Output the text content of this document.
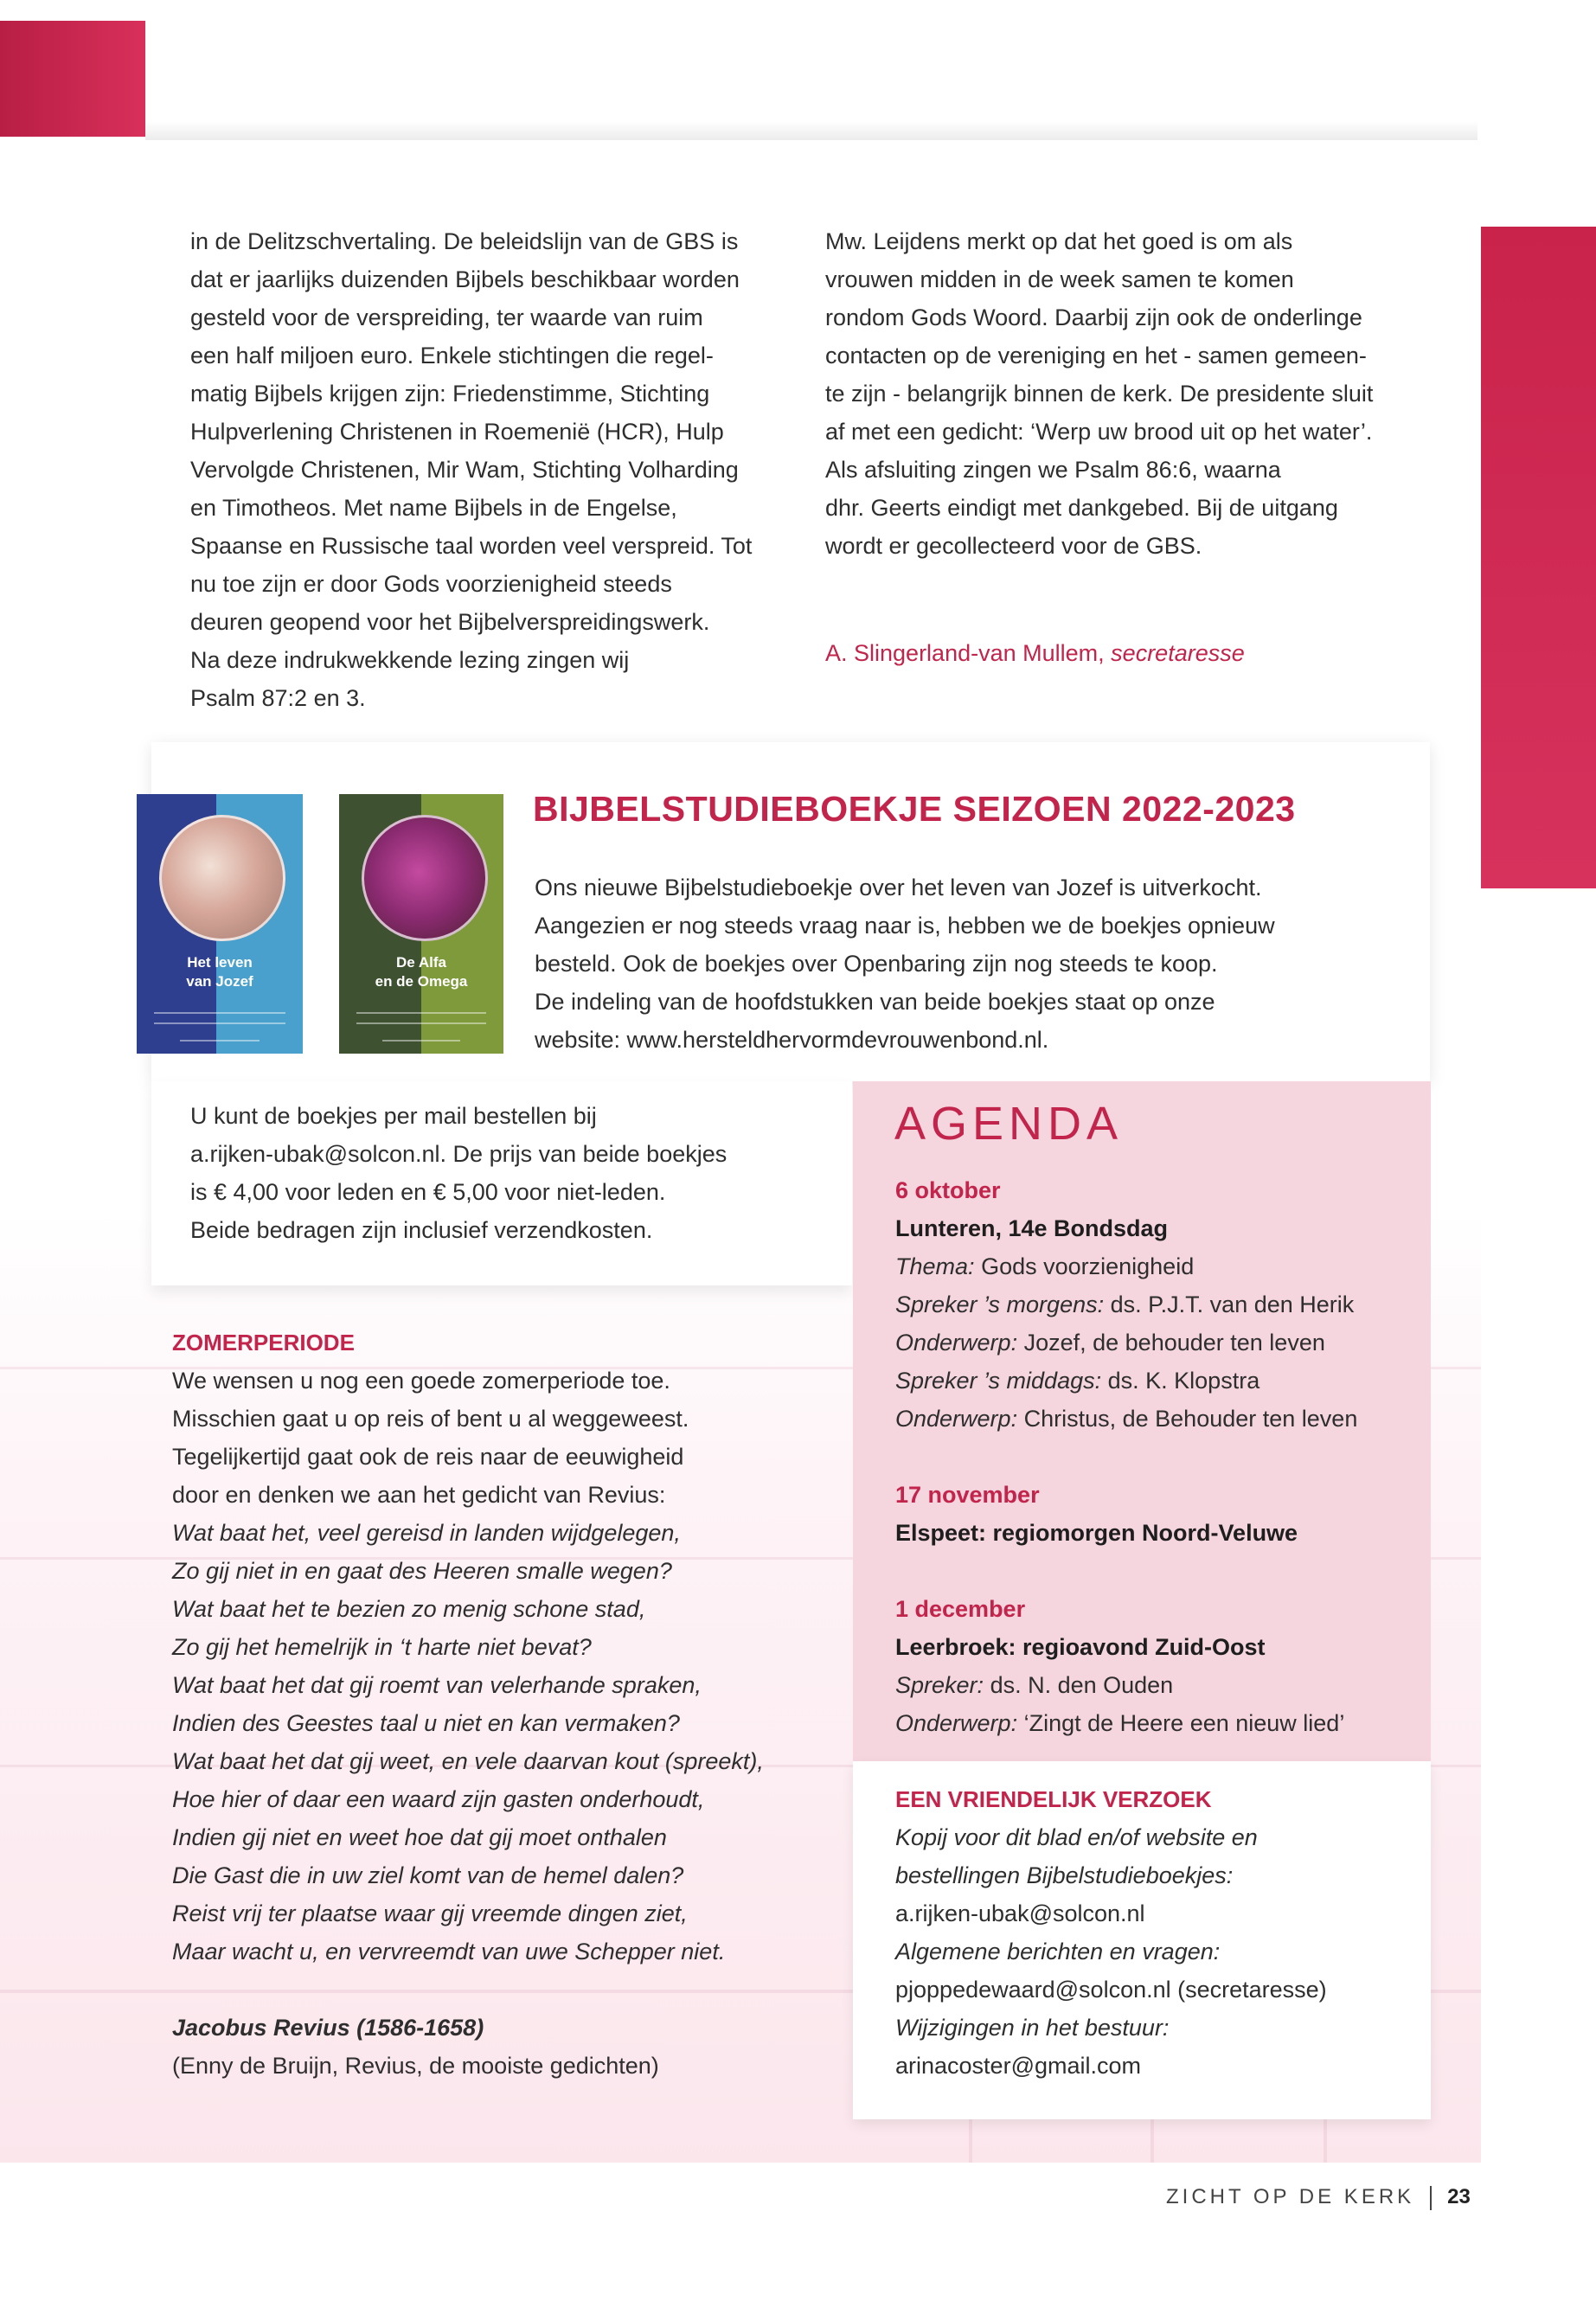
in de Delitzschvertaling. De beleidslijn van de GBS is

dat er jaarlijks duizenden Bijbels beschikbaar worden

gesteld voor de verspreiding, ter waarde van ruim

een half miljoen euro. Enkele stichtingen die regel-

matig Bijbels krijgen zijn: Friedenstimme, Stichting

Hulpverlening Christenen in Roemenië (HCR), Hulp

Vervolgde Christenen, Mir Wam, Stichting Volharding

en Timotheos. Met name Bijbels in de Engelse,

Spaanse en Russische taal worden veel verspreid. Tot

nu toe zijn er door Gods voorzienigheid steeds

deuren geopend voor het Bijbelverspreidingswerk.

Na deze indrukwekkende lezing zingen wij

Psalm 87:2 en 3.

Mw. Leijdens merkt op dat het goed is om als

vrouwen midden in de week samen te komen

rondom Gods Woord. Daarbij zijn ook de onderlinge

contacten op de vereniging en het - samen gemeen-

te zijn - belangrijk binnen de kerk. De presidente sluit

af met een gedicht: ‘Werp uw brood uit op het water’.

Als afsluiting zingen we Psalm 86:6, waarna

dhr. Geerts eindigt met dankgebed. Bij de uitgang

wordt er gecollecteerd voor de GBS.

A. Slingerland-van Mullem, secretaresse
Het leven
van Jozef
De Alfa
en de Omega
BIJBELSTUDIEBOEKJE SEIZOEN 2022-2023

Ons nieuwe Bijbelstudieboekje over het leven van Jozef is uitverkocht.

Aangezien er nog steeds vraag naar is, hebben we de boekjes opnieuw

besteld. Ook de boekjes over Openbaring zijn nog steeds te koop.

De indeling van de hoofdstukken van beide boekjes staat op onze

website: www.hersteldhervormdevrouwenbond.nl.

U kunt de boekjes per mail bestellen bij

a.rijken-ubak@solcon.nl. De prijs van beide boekjes

is € 4,00 voor leden en € 5,00 voor niet-leden.

Beide bedragen zijn inclusief verzendkosten.

AGENDA

6 oktober

Lunteren, 14e Bondsdag

Thema: Gods voorzienigheid

Spreker ’s morgens: ds. P.J.T. van den Herik

Onderwerp: Jozef, de behouder ten leven

Spreker ’s middags: ds. K. Klopstra

Onderwerp: Christus, de Behouder ten leven

17 november

Elspeet: regiomorgen Noord-Veluwe

1 december

Leerbroek: regioavond Zuid-Oost

Spreker: ds. N. den Ouden

Onderwerp: ‘Zingt de Heere een nieuw lied’

EEN VRIENDELIJK VERZOEK

Kopij voor dit blad en/of website en

bestellingen Bijbelstudieboekjes:

a.rijken-ubak@solcon.nl

Algemene berichten en vragen:

pjoppedewaard@solcon.nl (secretaresse)

Wijzigingen in het bestuur:

arinacoster@gmail.com

ZOMERPERIODE

We wensen u nog een goede zomerperiode toe.

Misschien gaat u op reis of bent u al weggeweest.

Tegelijkertijd gaat ook de reis naar de eeuwigheid

door en denken we aan het gedicht van Revius:

Wat baat het, veel gereisd in landen wijdgelegen,

Zo gij niet in en gaat des Heeren smalle wegen?

Wat baat het te bezien zo menig schone stad,

Zo gij het hemelrijk in ‘t harte niet bevat?

Wat baat het dat gij roemt van velerhande spraken,

Indien des Geestes taal u niet en kan vermaken?

Wat baat het dat gij weet, en vele daarvan kout (spreekt),

Hoe hier of daar een waard zijn gasten onderhoudt,

Indien gij niet en weet hoe dat gij moet onthalen

Die Gast die in uw ziel komt van de hemel dalen?

Reist vrij ter plaatse waar gij vreemde dingen ziet,

Maar wacht u, en vervreemdt van uwe Schepper niet.

Jacobus Revius (1586-1658)

(Enny de Bruijn, Revius, de mooiste gedichten)

ZICHT OP DE KERK 23
